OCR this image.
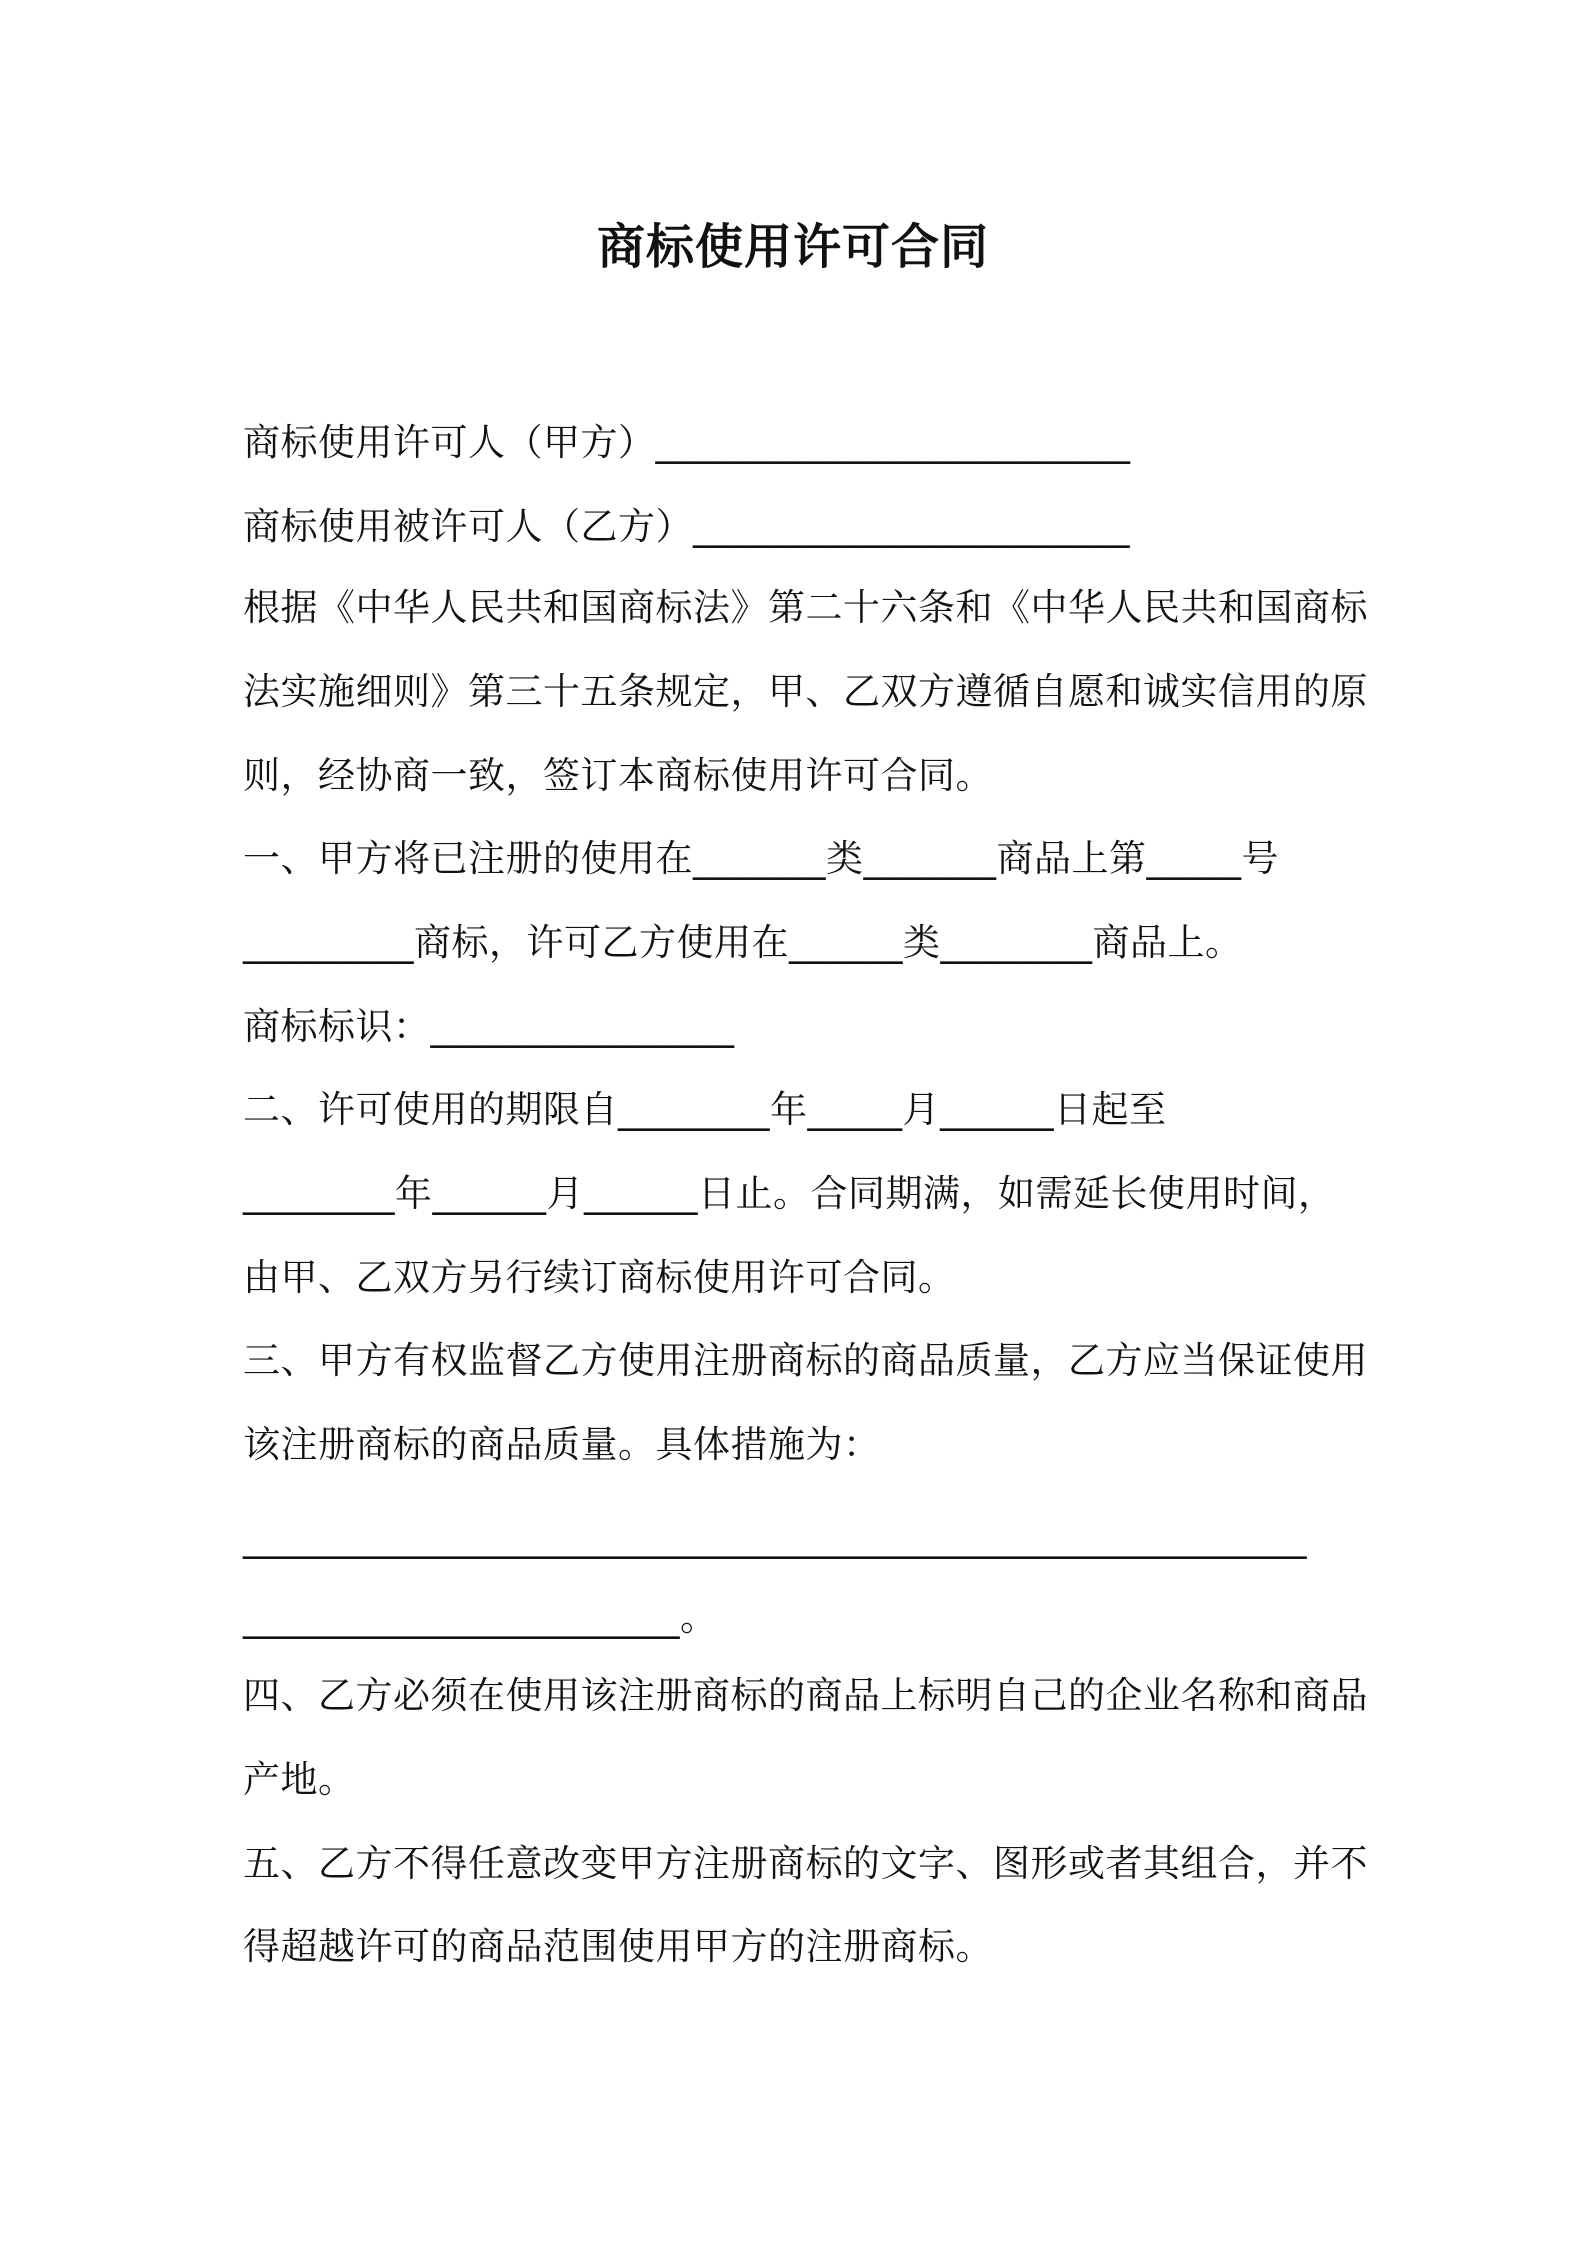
商标使用许可合同
商标使用许可人（甲方）_________________________
商标使用被许可人（乙方）_______________________
根据《中华人民共和国商标法》第二十六条和《中华人民共和国商标
法实施细则》第三十五条规定，甲、乙双方遵循自愿和诚实信用的原
则，经协商一致，签订本商标使用许可合同。
一、甲方将已注册的使用在_______类_______商品上第_____号
_________商标，许可乙方使用在______类________商品上。
商标标识：________________
二、许可使用的期限自________年_____月______日起至
________年______月______日止。合同期满，如需延长使用时间，
由甲、乙双方另行续订商标使用许可合同。
三、甲方有权监督乙方使用注册商标的商品质量，乙方应当保证使用
该注册商标的商品质量。具体措施为：
________________________________________________________
_______________________。
四、乙方必须在使用该注册商标的商品上标明自己的企业名称和商品
产地。
五、乙方不得任意改变甲方注册商标的文字、图形或者其组合，并不
得超越许可的商品范围使用甲方的注册商标。
